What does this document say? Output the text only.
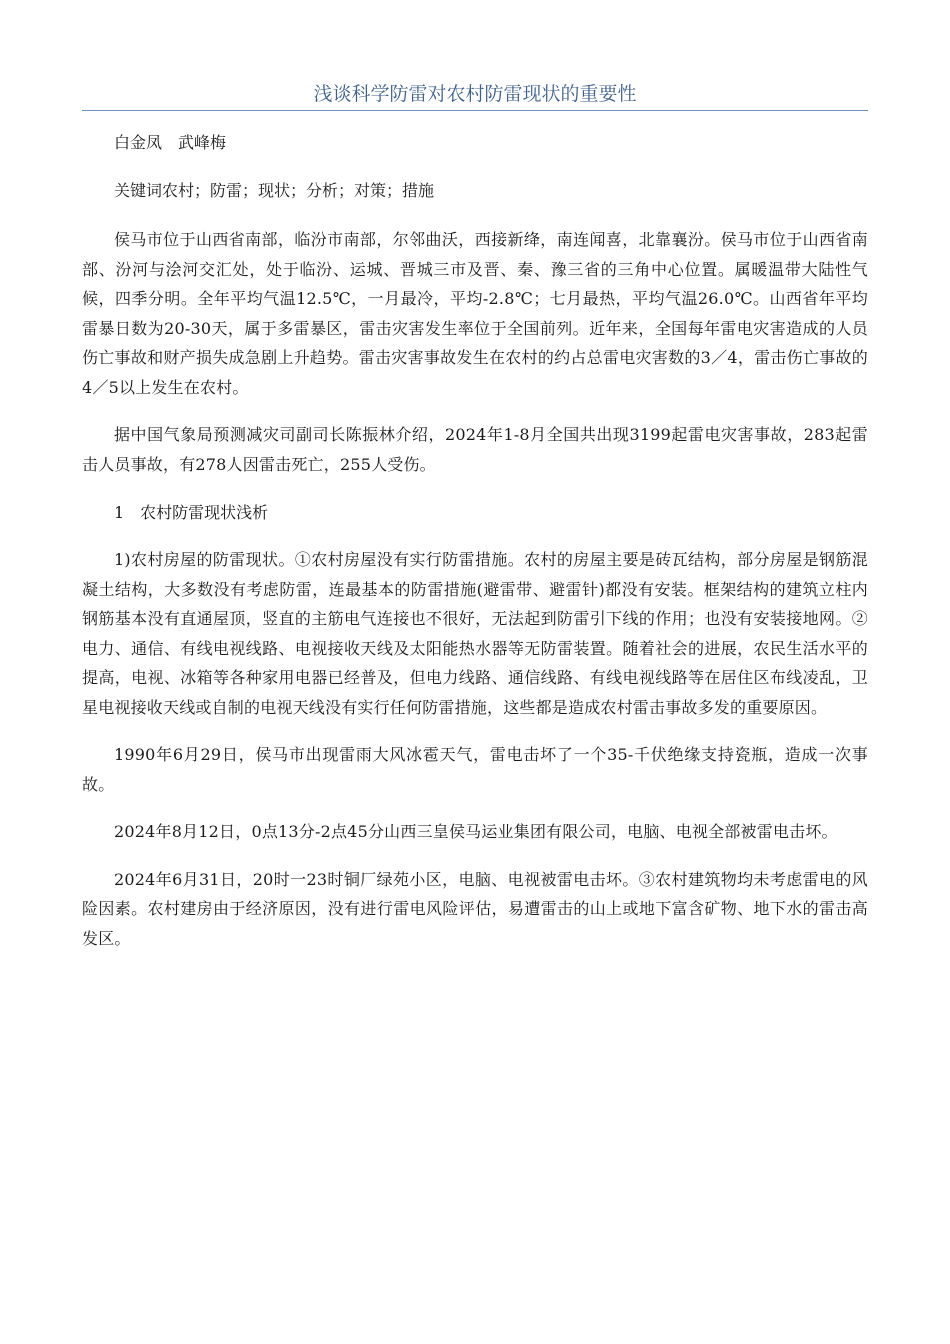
浅谈科学防雷对农村防雷现状的重要性
白金凤　武峰梅
关键词农村；防雷；现状；分析；对策；措施

侯马市位于山西省南部，临汾市南部，尔邻曲沃，西接新绛，南连闻喜，北靠襄汾。侯马市位于山西省南部、汾河与浍河交汇处，处于临汾、运城、晋城三市及晋、秦、豫三省的三角中心位置。属暖温带大陆性气候，四季分明。全年平均气温12.5℃，一月最冷，平均-2.8℃；七月最热，平均气温26.0℃。山西省年平均雷暴日数为20-30天，属于多雷暴区，雷击灾害发生率位于全国前列。近年来，全国每年雷电灾害造成的人员伤亡事故和财产损失成急剧上升趋势。雷击灾害事故发生在农村的约占总雷电灾害数的3／4，雷击伤亡事故的4／5以上发生在农村。

据中国气象局预测减灾司副司长陈振林介绍，2024年1-8月全国共出现3199起雷电灾害事故，283起雷击人员事故，有278人因雷击死亡，255人受伤。

1　农村防雷现状浅析

1)农村房屋的防雷现状。①农村房屋没有实行防雷措施。农村的房屋主要是砖瓦结构，部分房屋是钢筋混凝土结构，大多数没有考虑防雷，连最基本的防雷措施(避雷带、避雷针)都没有安装。框架结构的建筑立柱内钢筋基本没有直通屋顶，竖直的主筋电气连接也不很好，无法起到防雷引下线的作用；也没有安装接地网。②电力、通信、有线电视线路、电视接收天线及太阳能热水器等无防雷装置。随着社会的进展，农民生活水平的提高，电视、冰箱等各种家用电器已经普及，但电力线路、通信线路、有线电视线路等在居住区布线凌乱，卫星电视接收天线或自制的电视天线没有实行任何防雷措施，这些都是造成农村雷击事故多发的重要原因。

1990年6月29日，侯马市出现雷雨大风冰雹天气，雷电击坏了一个35-千伏绝缘支持瓷瓶，造成一次事故。

2024年8月12日，0点13分-2点45分山西三皇侯马运业集团有限公司，电脑、电视全部被雷电击坏。

2024年6月31日，20时一23时铜厂绿苑小区，电脑、电视被雷电击坏。③农村建筑物均未考虑雷电的风险因素。农村建房由于经济原因，没有进行雷电风险评估，易遭雷击的山上或地下富含矿物、地下水的雷击高发区。
